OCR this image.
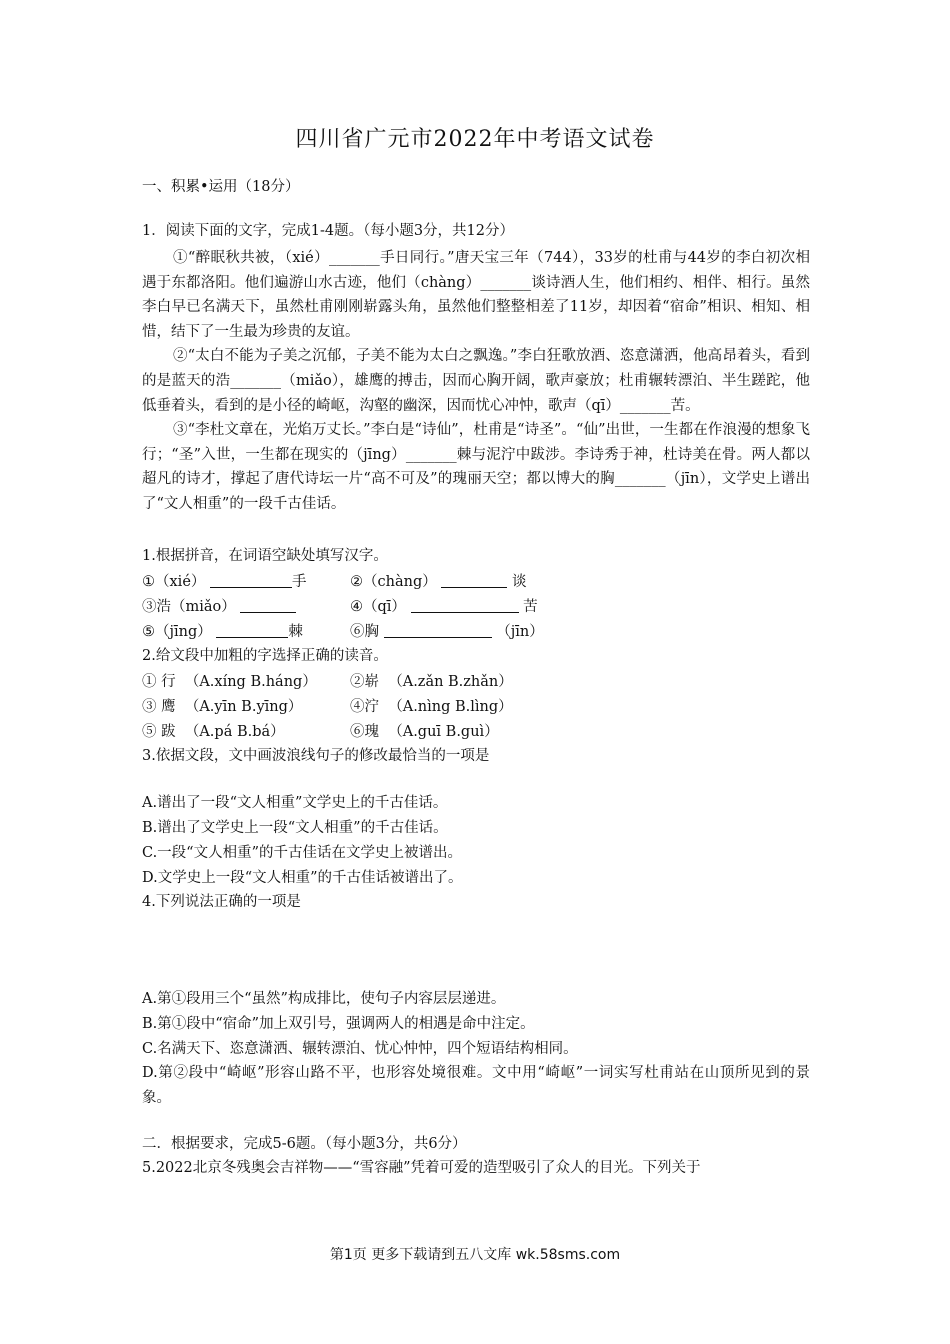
四川省广元市2022年中考语文试卷
一、积累•运用（18分）
1．阅读下面的文字，完成1-4题。（每小题3分，共12分）

①“醉眠秋共被，（xié）_______手日同行。”唐天宝三年（744），33岁的杜甫与44岁的李白初次相遇于东都洛阳。他们遍游山水古迹，他们（chàng）_______谈诗酒人生，他们相约、相伴、相行。虽然李白早已名满天下，虽然杜甫刚刚崭露头角，虽然他们整整相差了11岁，却因着“宿命”相识、相知、相惜，结下了一生最为珍贵的友谊。

②“太白不能为子美之沉郁，子美不能为太白之飘逸。”李白狂歌放酒、恣意潇洒，他高昂着头，看到的是蓝天的浩_______（miǎo），雄鹰的搏击，因而心胸开阔，歌声豪放；杜甫辗转漂泊、半生蹉跎，他低垂着头，看到的是小径的崎岖，沟壑的幽深，因而忧心冲忡，歌声（qī）_______苦。

③“李杜文章在，光焰万丈长。”李白是“诗仙”，杜甫是“诗圣”。“仙”出世，一生都在作浪漫的想象飞行；“圣”入世，一生都在现实的（jīng）_______棘与泥泞中跋涉。李诗秀于神，杜诗美在骨。两人都以超凡的诗才，撑起了唐代诗坛一片“高不可及”的瑰丽天空；都以博大的胸_______（jīn），文学史上谱出了“文人相重”的一段千古佳话。

1.根据拼音，在词语空缺处填写汉字。
①（xié）	手	②（chàng）	谈
③浩（miǎo）	④（qī）	苦
⑤（jīng）	棘	⑥胸	（jīn）
2.给文段中加粗的字选择正确的读音。
① 行 （A.xíng B.háng）	②崭 （A.zǎn B.zhǎn）
③ 鹰 （A.yīn B.yīng）	④泞 （A.nìng B.lìng）
⑤ 跋 （A.pá B.bá）	⑥瑰 （A.guī B.guì）
3.依据文段，文中画波浪线句子的修改最恰当的一项是
A.谱出了一段“文人相重”文学史上的千古佳话。
B.谱出了文学史上一段“文人相重”的千古佳话。
C.一段“文人相重”的千古佳话在文学史上被谱出。
D.文学史上一段“文人相重”的千古佳话被谱出了。
4.下列说法正确的一项是
A.第①段用三个“虽然”构成排比，使句子内容层层递进。
B.第①段中“宿命”加上双引号，强调两人的相遇是命中注定。
C.名满天下、恣意潇洒、辗转漂泊、忧心忡忡，四个短语结构相同。
D.第②段中“崎岖”形容山路不平，也形容处境很难。文中用“崎岖”一词实写杜甫站在山顶所见到的景象。
二．根据要求，完成5-6题。（每小题3分，共6分）
5.2022北京冬残奥会吉祥物——“雪容融”凭着可爱的造型吸引了众人的目光。下列关于
第1页 更多下载请到五八文库 wk.58sms.com
